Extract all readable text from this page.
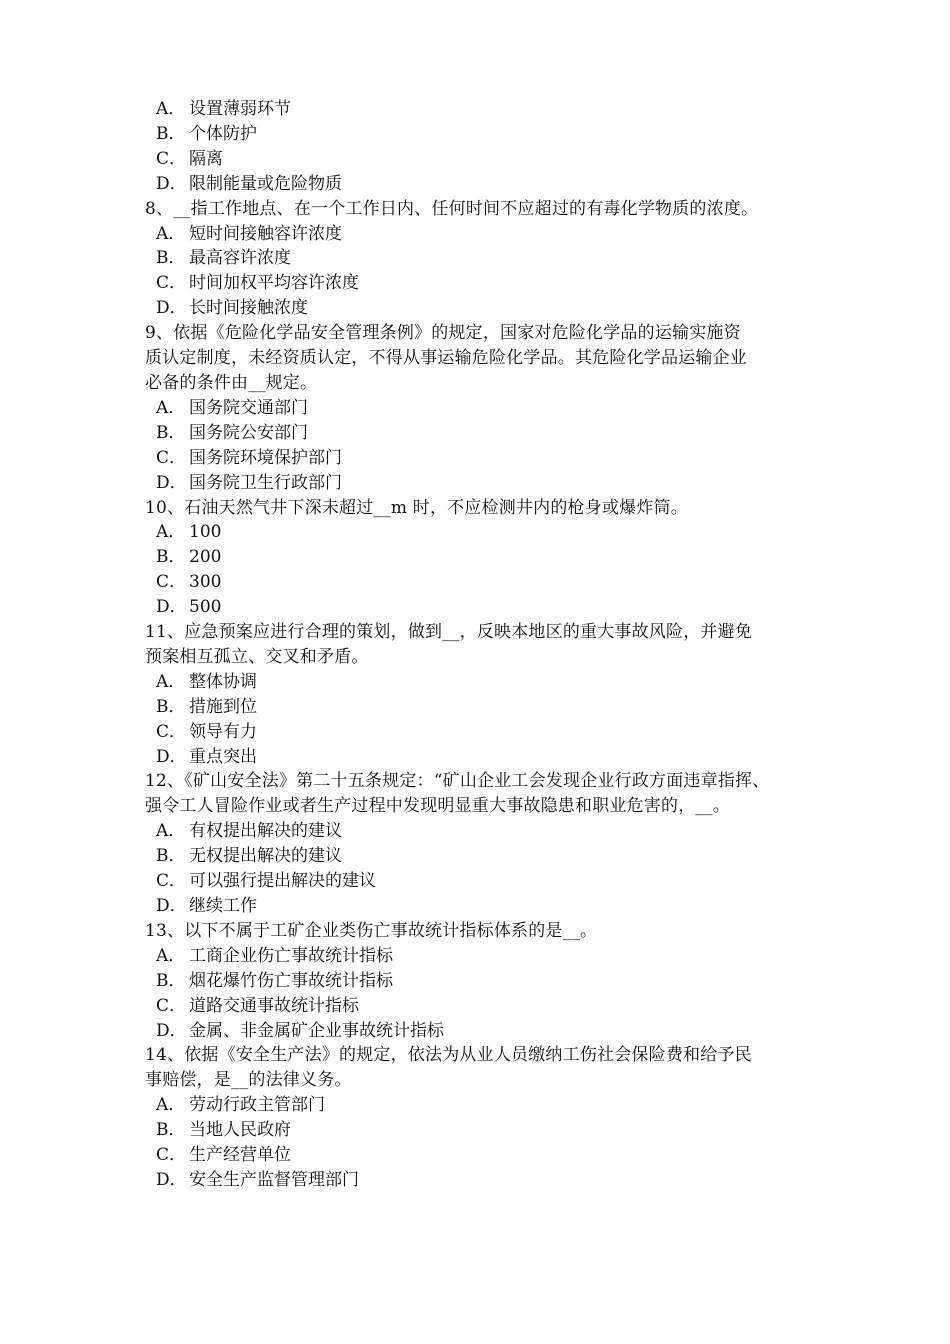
A． 设置薄弱环节
B． 个体防护
C． 隔离
D． 限制能量或危险物质
8、__指工作地点、在一个工作日内、任何时间不应超过的有毒化学物质的浓度。
A． 短时间接触容许浓度
B． 最高容许浓度
C． 时间加权平均容许浓度
D． 长时间接触浓度
9、依据《危险化学品安全管理条例》的规定，国家对危险化学品的运输实施资
质认定制度，未经资质认定，不得从事运输危险化学品。其危险化学品运输企业
必备的条件由__规定。
A． 国务院交通部门
B． 国务院公安部门
C． 国务院环境保护部门
D． 国务院卫生行政部门
10、石油天然气井下深未超过__m 时，不应检测井内的枪身或爆炸筒。
A． 100
B． 200
C． 300
D． 500
11、应急预案应进行合理的策划，做到__，反映本地区的重大事故风险，并避免
预案相互孤立、交叉和矛盾。
A． 整体协调
B． 措施到位
C． 领导有力
D． 重点突出
12、《矿山安全法》第二十五条规定：“矿山企业工会发现企业行政方面违章指挥、
强令工人冒险作业或者生产过程中发现明显重大事故隐患和职业危害的，__。
A． 有权提出解决的建议
B． 无权提出解决的建议
C． 可以强行提出解决的建议
D． 继续工作
13、以下不属于工矿企业类伤亡事故统计指标体系的是__。
A． 工商企业伤亡事故统计指标
B． 烟花爆竹伤亡事故统计指标
C． 道路交通事故统计指标
D． 金属、非金属矿企业事故统计指标
14、依据《安全生产法》的规定，依法为从业人员缴纳工伤社会保险费和给予民
事赔偿，是__的法律义务。
A． 劳动行政主管部门
B． 当地人民政府
C． 生产经营单位
D． 安全生产监督管理部门
